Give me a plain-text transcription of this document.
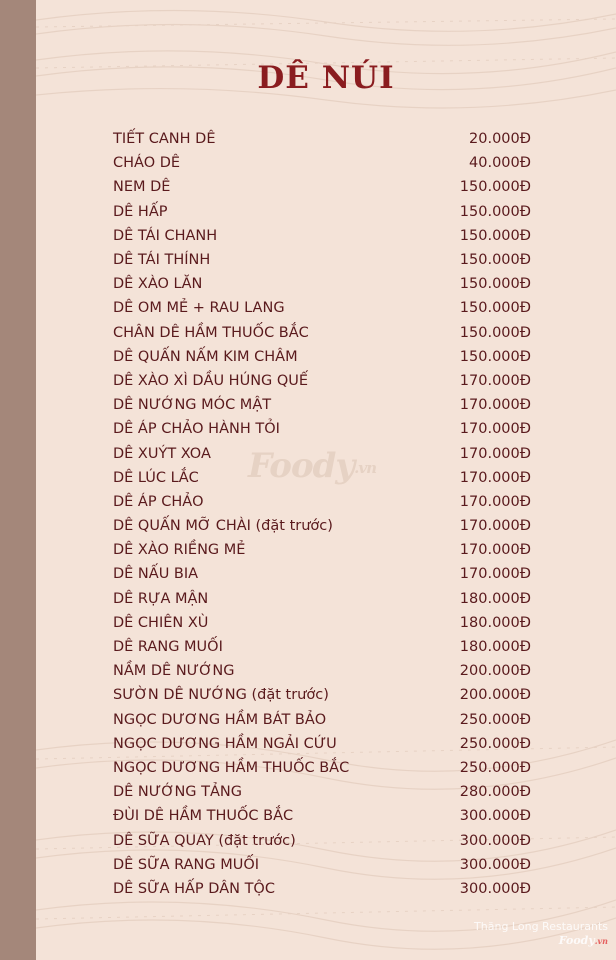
DÊ NÚI
Foody.vn
TIẾT CANH DÊ	20.000Đ
CHÁO DÊ	40.000Đ
NEM DÊ	150.000Đ
DÊ HẤP	150.000Đ
DÊ TÁI CHANH	150.000Đ
DÊ TÁI THÍNH	150.000Đ
DÊ XÀO LĂN	150.000Đ
DÊ OM MẺ + RAU LANG	150.000Đ
CHÂN DÊ HẦM THUỐC BẮC	150.000Đ
DÊ QUẤN NẤM KIM CHÂM	150.000Đ
DÊ XÀO XÌ DẦU HÚNG QUẾ	170.000Đ
DÊ NƯỚNG MÓC MẬT	170.000Đ
DÊ ÁP CHẢO HÀNH TỎI	170.000Đ
DÊ XUÝT XOA	170.000Đ
DÊ LÚC LẮC	170.000Đ
DÊ ÁP CHẢO	170.000Đ
DÊ QUẤN MỠ CHÀI (đặt trước)	170.000Đ
DÊ XÀO RIỀNG MẺ	170.000Đ
DÊ NẤU BIA	170.000Đ
DÊ RỰA MẬN	180.000Đ
DÊ CHIÊN XÙ	180.000Đ
DÊ RANG MUỐI	180.000Đ
NẦM DÊ NƯỚNG	200.000Đ
SƯỜN DÊ NƯỚNG (đặt trước)	200.000Đ
NGỌC DƯƠNG HẦM BÁT BẢO	250.000Đ
NGỌC DƯƠNG HẦM NGẢI CỨU	250.000Đ
NGỌC DƯƠNG HẦM THUỐC BẮC	250.000Đ
DÊ NƯỚNG TẢNG	280.000Đ
ĐÙI DÊ HẦM THUỐC BẮC	300.000Đ
DÊ SỮA QUAY (đặt trước)	300.000Đ
DÊ SỮA RANG MUỐI	300.000Đ
DÊ SỮA HẤP DÂN TỘC	300.000Đ
Thăng Long Restaurants
Foody.vn
